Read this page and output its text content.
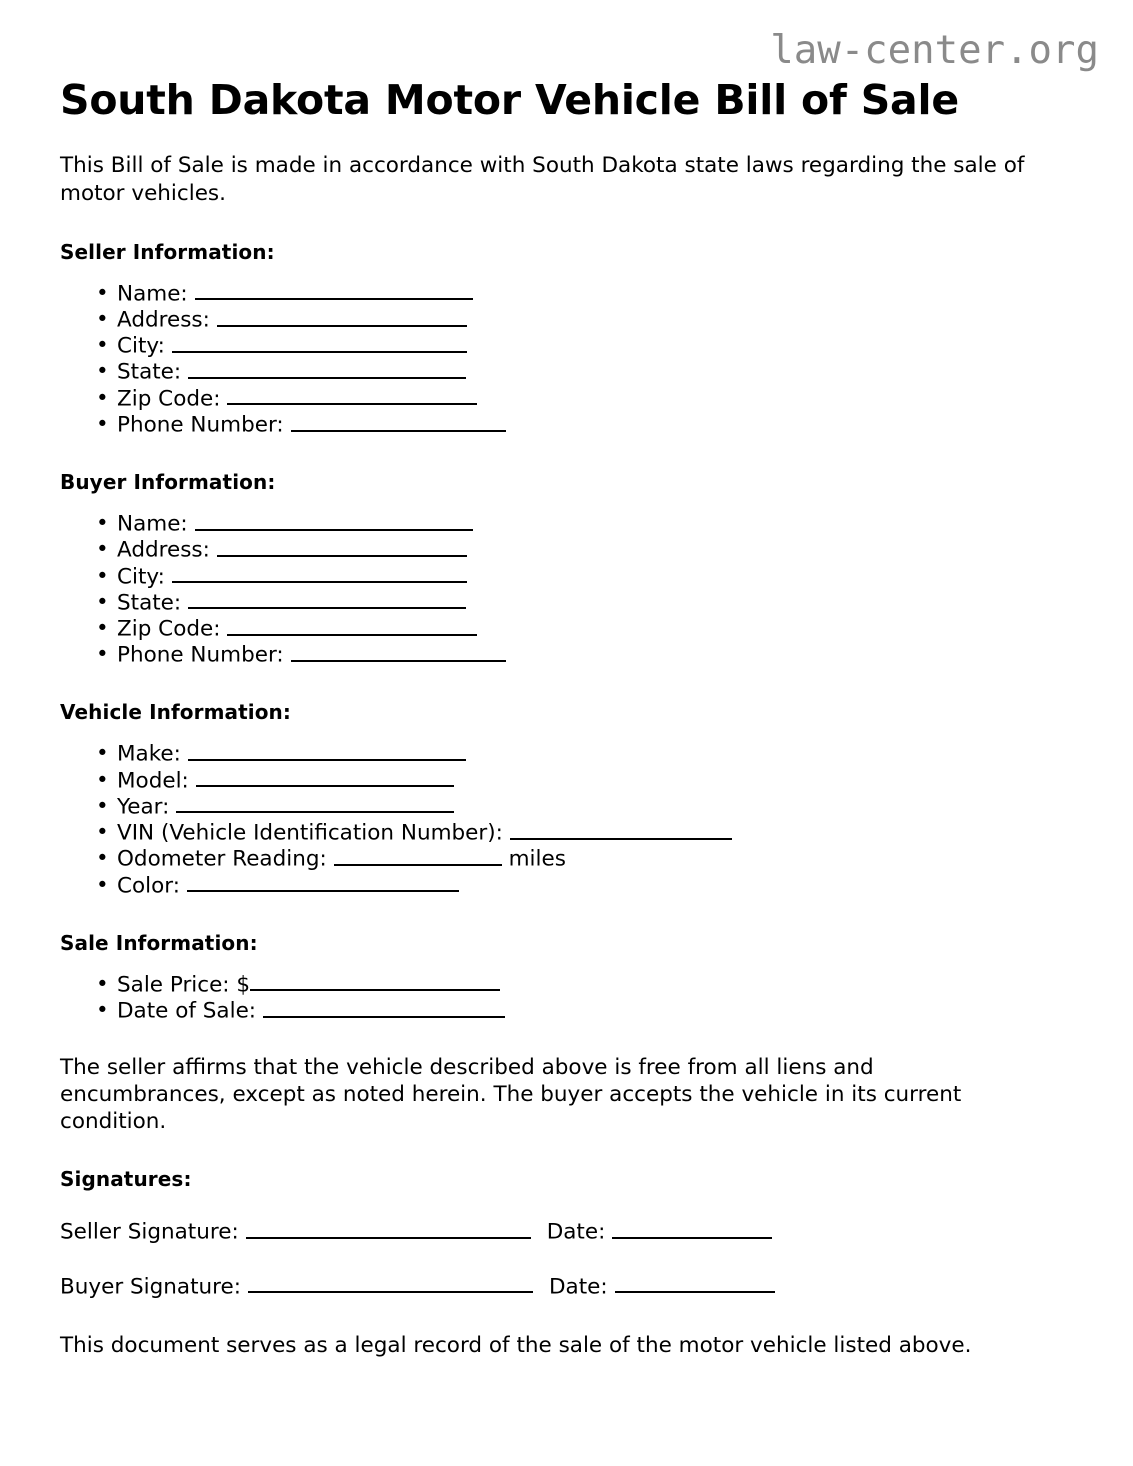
law-center.org
South Dakota Motor Vehicle Bill of Sale

This Bill of Sale is made in accordance with South Dakota state laws regarding the sale of motor vehicles.

Seller Information:
• Name:
• Address:
• City:
• State:
• Zip Code:
• Phone Number:
Buyer Information:
• Name:
• Address:
• City:
• State:
• Zip Code:
• Phone Number:
Vehicle Information:
• Make:
• Model:
• Year:
• VIN (Vehicle Identification Number):
• Odometer Reading:	miles
• Color:
Sale Information:
• Sale Price: $
• Date of Sale:

The seller affirms that the vehicle described above is free from all liens and encumbrances, except as noted herein. The buyer accepts the vehicle in its current condition.

Signatures:
Seller Signature:	Date:
Buyer Signature:	Date:

This document serves as a legal record of the sale of the motor vehicle listed above.
